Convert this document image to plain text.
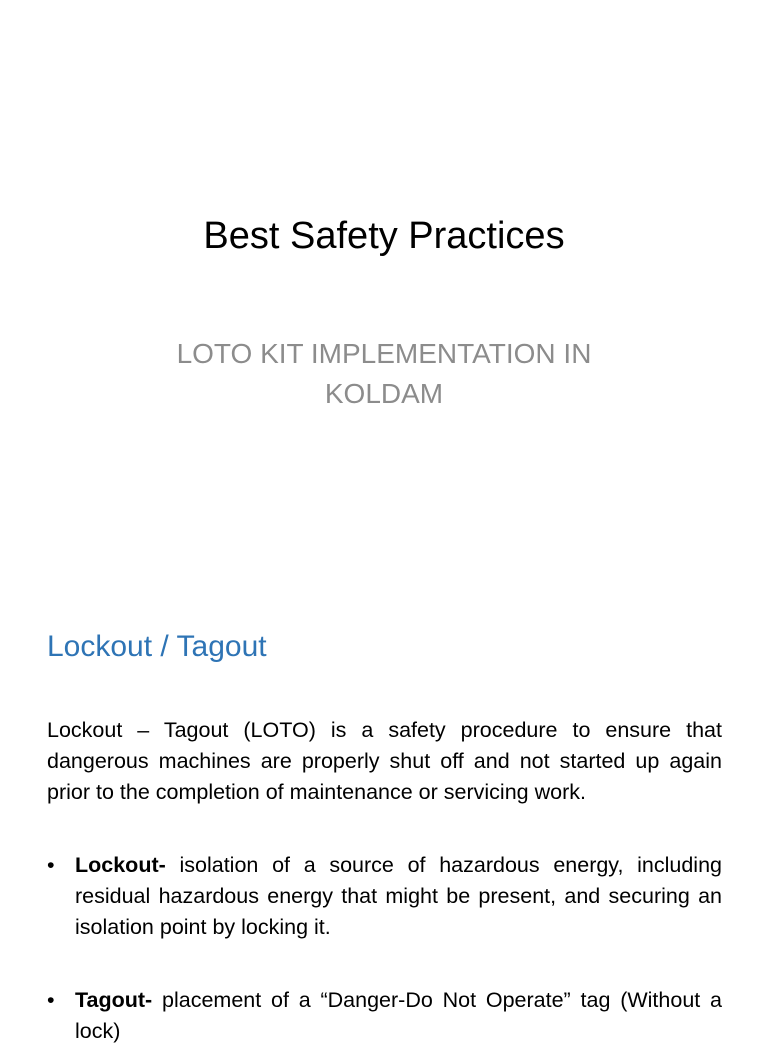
Best Safety Practices
LOTO KIT IMPLEMENTATION IN KOLDAM
Lockout / Tagout
Lockout – Tagout (LOTO) is a safety procedure to ensure that dangerous machines are properly shut off and not started up again prior to the completion of maintenance or servicing work.
• Lockout- isolation of a source of hazardous energy, including residual hazardous energy that might be present, and securing an isolation point by locking it.
• Tagout- placement of a “Danger-Do Not Operate” tag (Without a lock)
